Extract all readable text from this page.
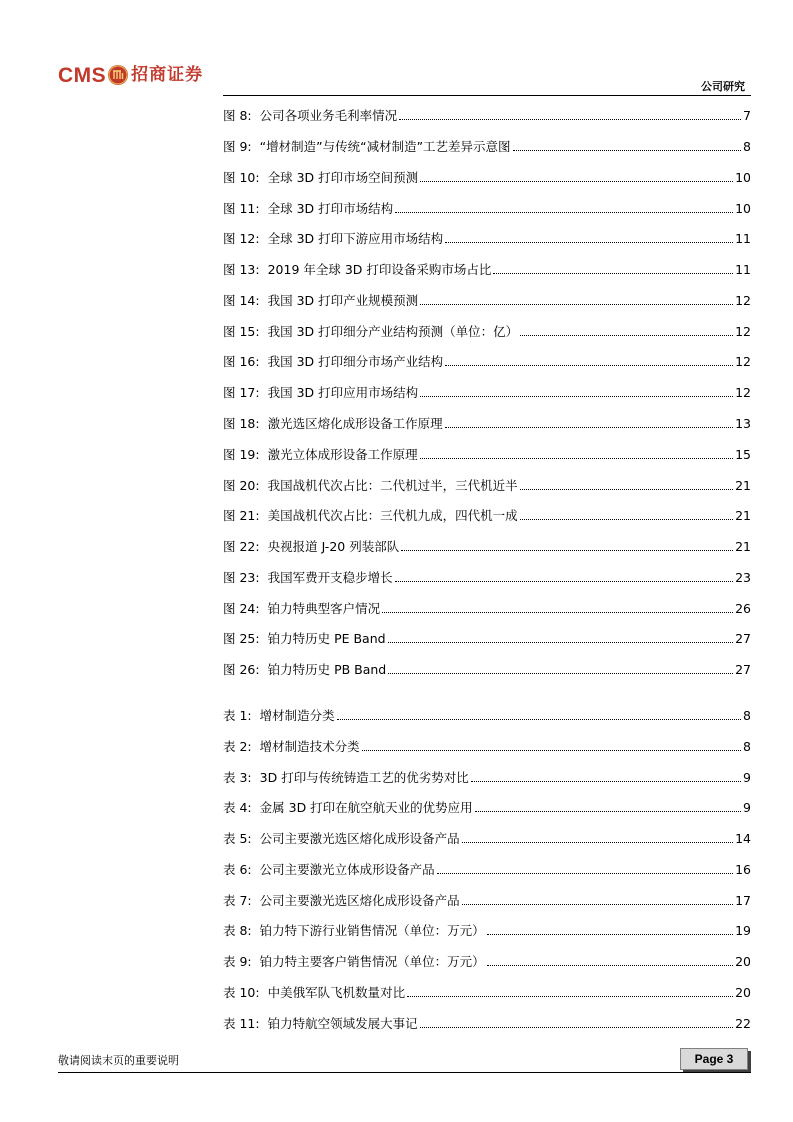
CMS 招商证券
公司研究
图 8: 公司各项业务毛利率情况	7
图 9: “增材制造”与传统“减材制造”工艺差异示意图	8
图 10: 全球 3D 打印市场空间预测	10
图 11: 全球 3D 打印市场结构	10
图 12: 全球 3D 打印下游应用市场结构	11
图 13: 2019 年全球 3D 打印设备采购市场占比	11
图 14: 我国 3D 打印产业规模预测	12
图 15: 我国 3D 打印细分产业结构预测（单位：亿）	12
图 16: 我国 3D 打印细分市场产业结构	12
图 17: 我国 3D 打印应用市场结构	12
图 18: 激光选区熔化成形设备工作原理	13
图 19: 激光立体成形设备工作原理	15
图 20: 我国战机代次占比：二代机过半，三代机近半	21
图 21: 美国战机代次占比：三代机九成，四代机一成	21
图 22: 央视报道 J-20 列装部队	21
图 23: 我国军费开支稳步增长	23
图 24: 铂力特典型客户情况	26
图 25: 铂力特历史 PE Band	27
图 26: 铂力特历史 PB Band	27
表 1: 增材制造分类	8
表 2: 增材制造技术分类	8
表 3: 3D 打印与传统铸造工艺的优劣势对比	9
表 4: 金属 3D 打印在航空航天业的优势应用	9
表 5: 公司主要激光选区熔化成形设备产品	14
表 6: 公司主要激光立体成形设备产品	16
表 7: 公司主要激光选区熔化成形设备产品	17
表 8: 铂力特下游行业销售情况（单位：万元）	19
表 9: 铂力特主要客户销售情况（单位：万元）	20
表 10: 中美俄军队飞机数量对比	20
表 11: 铂力特航空领域发展大事记	22
敬请阅读末页的重要说明	Page 3
